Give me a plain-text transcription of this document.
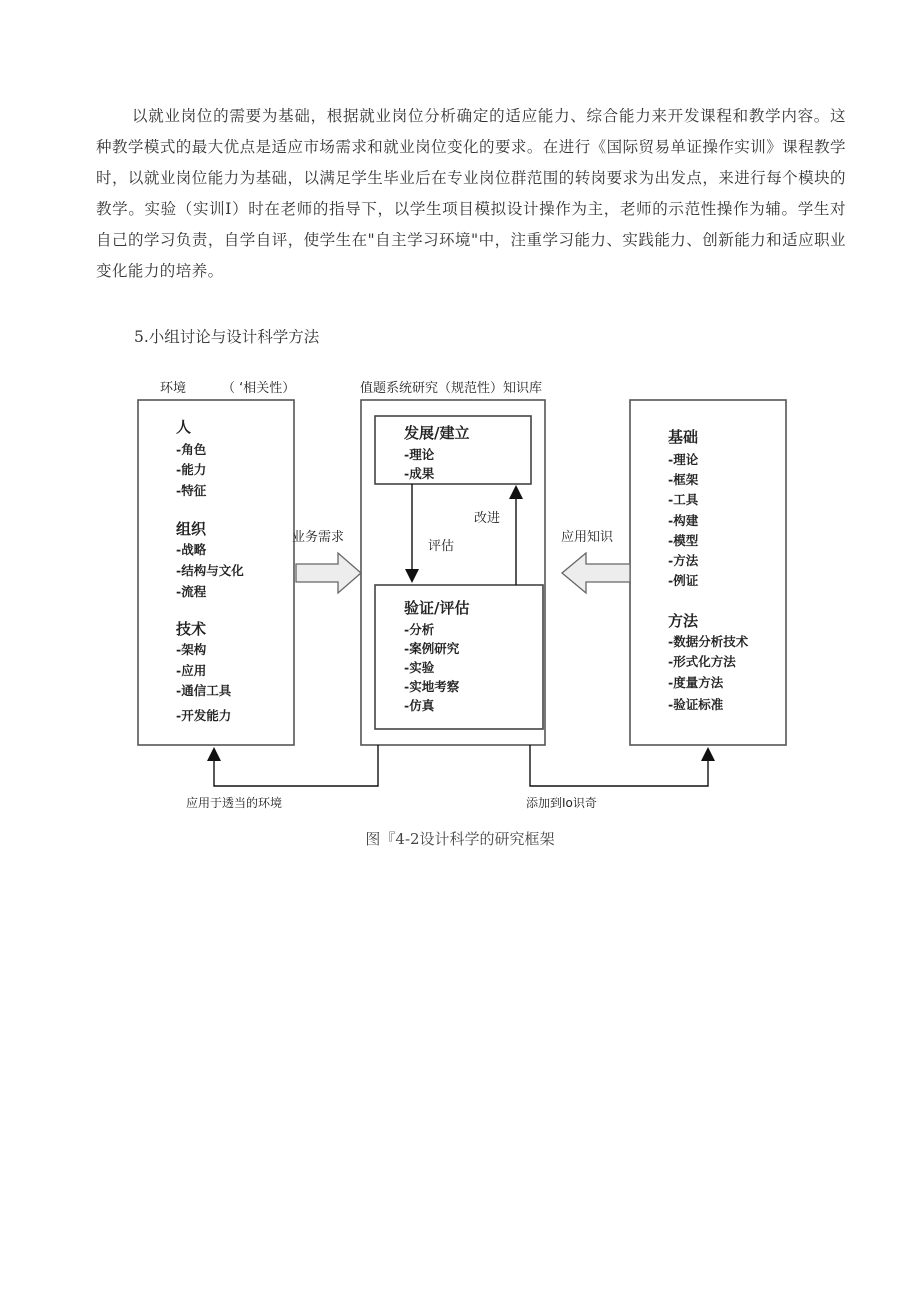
以就业岗位的需要为基础，根据就业岗位分析确定的适应能力、综合能力来开发课程和教学内容。这种教学模式的最大优点是适应市场需求和就业岗位变化的要求。在进行《国际贸易单证操作实训》课程教学时，以就业岗位能力为基础，以满足学生毕业后在专业岗位群范围的转岗要求为出发点，来进行每个模块的教学。实验（实训Ⅰ）时在老师的指导下，以学生项目模拟设计操作为主，老师的示范性操作为辅。学生对自己的学习负责，自学自评，使学生在"自主学习环境"中，注重学习能力、实践能力、创新能力和适应职业变化能力的培养。

5.小组讨论与设计科学方法

环境	（ ‘相关性）	值题系统研究（规范性）知识库
人
-角色
-能力
-特征
组织
-战略
-结构与文化
-流程
技术
-架构
-应用
-通信工具
-开发能力
发展/建立
-理论
-成果
验证/评估
-分析
-案例研究
-实验
-实地考察
-仿真
评估
改进
基础
-理论
-框架
-工具
-构建
-模型
-方法
-例证
方法
-数据分析技术
-形式化方法
-度量方法
-验证标准
业务需求	应用知识
应用于透当的环境	添加到Io识奇

图『4-2设计科学的研究框架
